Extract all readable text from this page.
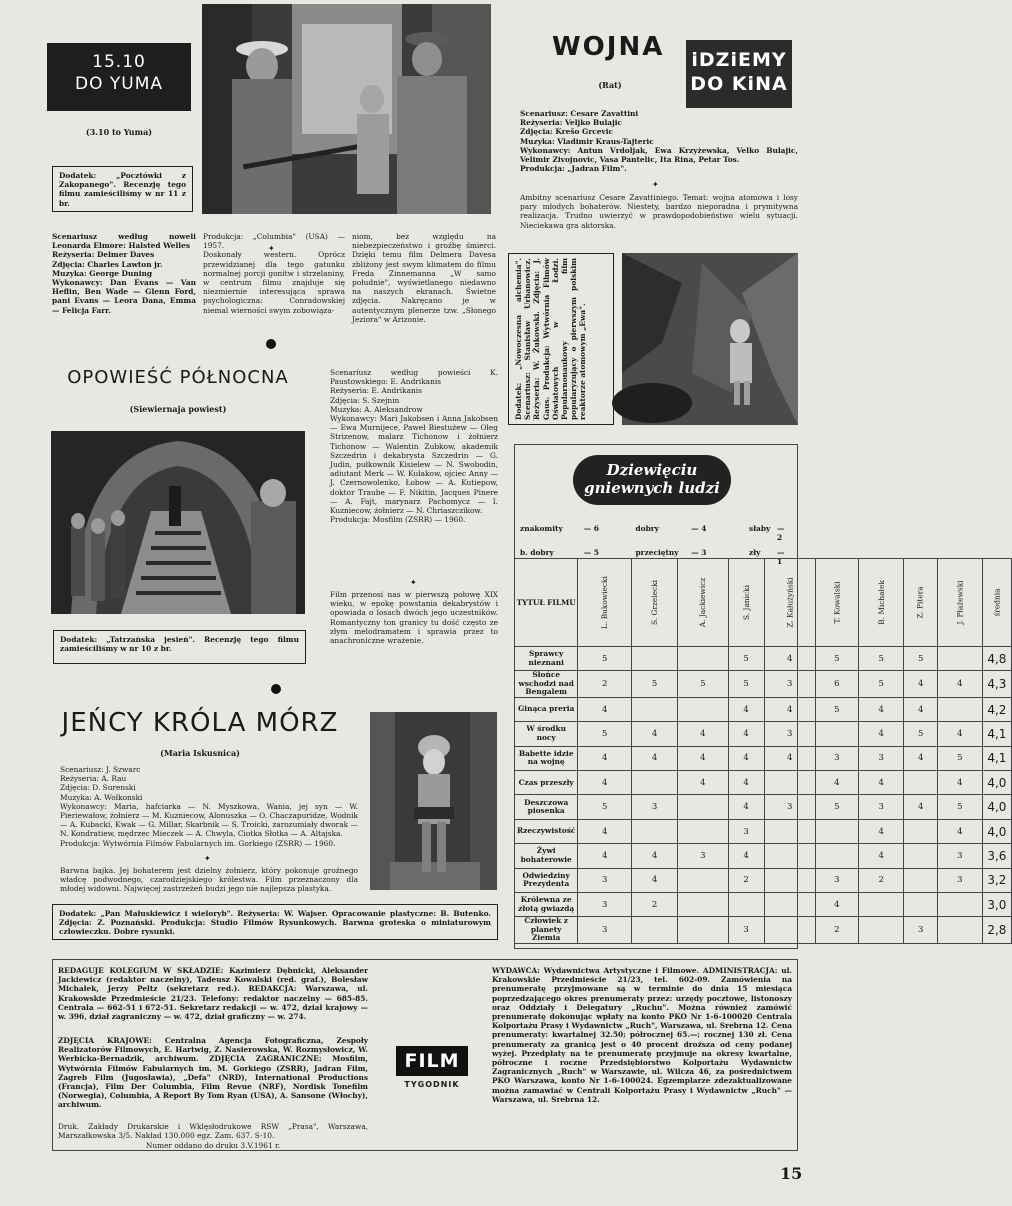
15.10
DO YUMA
(3.10 to Yuma)
Dodatek: „Pocztówki z Zakopanego". Recenzję tego filmu zamieściliśmy w nr 11 z br.
Scenariusz według noweli Leonarda Elmore: Halsted Welles
Reżyseria: Delmer Daves
Zdjęcia: Charles Lawton jr.
Muzyka: George Duning
Wykonawcy: Dan Evans — Van Heflin, Ben Wade — Glenn Ford, pani Evans — Leora Dana, Emma — Felicja Farr.
Produkcja: „Columbia" (USA) — 1957.
Doskonały western. Oprócz przewidzianej dla tego gatunku normalnej porcji gonitw i strzelaniny, w centrum filmu znajduje się niezmiernie interesująca sprawa psychologiczna: Conradowskiej niemal wierności swym zobowiąza-
✦
niom, bez względu na niebezpieczeństwo i groźbę śmierci. Dzięki temu film Delmera Davesa zbliżony jest swym klimatem do filmu Freda Zinnemanna „W samo południe", wyświetlanego niedawno na naszych ekranach. Świetne zdjęcia. Nakręcano je w autentycznym plenerze tzw. „Słonego Jeziora" w Arizonie.
WOJNA
(Rat)
iDZiEMY
DO KiNA
Scenariusz: Cesare Zavattini
Reżyseria: Veljko Bulajic
Zdjęcia: Krešo Grcevic
Muzyka: Vladimir Kraus-Tajteric
Wykonawcy: Antun Vrdoljak, Ewa Krzyżewska, Velko Bulajic, Velimir Zivojnovic, Vasa Pantelic, Ita Rina, Petar Tos.
Produkcja: „Jadran Film".
✦
Ambitny scenariusz Cesare Zavattiniego. Temat: wojna atomowa i losy pary młodych bohaterów. Niestety, bardzo nieporadna i prymitywna realizacja. Trudno uwierzyć w prawdopodobieństwo wielu sytuacji. Nieciekawa gra aktorska.
Dodatek: „Nowoczesna alchemia". Scenariusz: Stanisław Urbanowicz. Reżyseria: W. Żukowski. Zdjęcia: J. Gaus. Produkcja: Wytwórnia Filmów Oświatowych w Łodzi. Popularnonaukowy film popularyzujący o pierwszym polskim reaktorze atomowym „Ewa".
OPOWIEŚĆ PÓŁNOCNA
(Siewiernaja powiest)
Dodatek: „Tatrzańska jesień". Recenzję tego filmu zamieściliśmy w nr 10 z br.
Scenariusz według powieści K. Paustowskiego: E. Andrikanis
Reżyseria: E. Andrikanis
Zdjęcia: S. Szejnin
Muzyka: A. Aleksandrow
Wykonawcy: Mari Jakobsen i Anna Jakobsen — Ewa Murnijece, Paweł Biestużew — Oleg Strizenow, malarz Tichonow i żołnierz Tichonow — Walentin Zubkow, akademik Szczedrin i dekabrysta Szczedrin — G. Judin, pułkownik Kisielew — N. Swobodin, adiutant Merk — W. Kułakow, ojciec Anny — J. Czernowolenko, Łobow — A. Kutiepow, doktor Traube — F. Nikitin, Jacques Pinere — A. Fajt, marynarz Pachomycz — I. Kuzniecow, żołnierz — N. Chriaszczikow.
Produkcja: Mosfilm (ZSRR) — 1960.
✦
Film przenosi nas w pierwszą połowę XIX wieku, w epokę powstania dekabrystów i opowiada o losach dwóch jego uczestników. Romantyczny ton granicy tu dość często ze złym melodramatem i sprawia przez to anachroniczne wrażenie.
JEŃCY KRÓLA MÓRZ
(Maria Iskusnica)
Scenariusz: J. Szwarc
Reżyseria: A. Rau
Zdjęcia: D. Surenski
Muzyka: A. Wołkonski
Wykonawcy: Maria, hafciarka — N. Myszkowa, Wania, jej syn — W. Pieriewałow, żołnierz — M. Kuzniecow, Alonuszka — O. Chaczapuridze, Wodnik — A. Kubacki, Kwak — G. Millar, Skarbnik — S. Troicki, zarozumiały dworak — N. Kondratiew, mędrzec Mieczek — A. Chwyla, Ciotka Słotka — A. Altajska.
Produkcja: Wytwórnia Filmów Fabularnych im. Gorkiego (ZSRR) — 1960.
✦
Barwna bajka. Jej bohaterem jest dzielny żołnierz, który pokonuje groźnego władcę podwodnego, czarodziejskiego królestwa. Film przeznaczony dla młodej widowni. Najwięcej zastrzeżeń budzi jego nie najlepsza plastyka.
Dodatek: „Pan Małuskiewicz i wieloryb". Reżyseria: W. Wajser. Opracowanie plastyczne: B. Butenko. Zdjęcia: Z. Poznański. Produkcja: Studio Filmów Rysunkowych. Barwna groteska o miniaturowym człowieczku. Dobre rysunki.
Dziewięciu
gniewnych ludzi
znakomity	— 6	dobry	— 4	słaby — 2
b. dobry	— 5	przeciętny	— 3	zły	— 1
TYTUŁ FILMU	L. Bukowiecki	S. Grzelecki	A. Jackiewicz	S. Janicki	Z. Kałużyński	T. Kowalski	B. Michałek	Z. Pitera	J. Płażewski	średnia
Sprawcy nieznani	5			5	4	5	5	5		4,8
Słońce wschodzi nad Bengalem	2	5	5	5	3	6	5	4	4	4,3
Ginąca preria	4			4	4	5	4	4		4,2
W środku nocy	5	4	4	4	3		4	5	4	4,1
Babette idzie na wojnę	4	4	4	4	4	3	3	4	5	4,1
Czas przeszły	4		4	4		4	4		4	4,0
Deszczowa piosenka	5	3		4	3	5	3	4	5	4,0
Rzeczywistość	4			3			4		4	4,0
Żywi bohaterowie	4	4	3	4			4		3	3,6
Odwiedziny Prezydenta	3	4		2		3	2		3	3,2
Królewna ze złotą gwiazdą	3	2				4				3,0
Człowiek z planety Ziemia	3			3		2		3		2,8
REDAGUJE KOLEGIUM W SKŁADZIE: Kazimierz Dębnicki, Aleksander Jackiewicz (redaktor naczelny), Tadeusz Kowalski (red. graf.), Bolesław Michałek, Jerzy Peltz (sekretarz red.). REDAKCJA: Warszawa, ul. Krakowskie Przedmieście 21/23. Telefony: redaktor naczelny — 685-85. Centrala — 662-51 i 672-51. Sekretarz redakcji — w. 472, dział krajowy — w. 396, dział zagraniczny — w. 472, dział graficzny — w. 274.
ZDJĘCIA KRAJOWE: Centralna Agencja Fotograficzna, Zespoły Realizatorów Filmowych, E. Hartwig, Z. Nasierowska, W. Rozmysłowicz, W. Werbicka-Bernadzik, archiwum. ZDJĘCIA ZAGRANICZNE: Mosfilm, Wytwórnia Filmów Fabularnych im. M. Gorkiego (ZSRR), Jadran Film, Zagreb Film (Jugosławia), „Defa" (NRD), International Productions (Francja), Film Der Columbia, Film Revue (NRF), Nordisk Tonefilm (Norwegia), Columbia, A Report By Tom Ryan (USA), A. Sansone (Włochy), archiwum.
Druk. Zakłady Drukarskie i Wklęsłodrukowe RSW „Prasa", Warszawa, Marszałkowska 3/5. Nakład 130.000 egz. Zam. 637. S-10.
Numer oddano do druku 3.V.1961 r.
FILM
TYGODNIK
WYDAWCA: Wydawnictwa Artystyczne i Filmowe. ADMINISTRACJA: ul. Krakowskie Przedmieście 21/23, tel. 602-09. Zamówienia na prenumeratę przyjmowane są w terminie do dnia 15 miesiąca poprzedzającego okres prenumeraty przez: urzędy pocztowe, listonoszy oraz Oddziały i Delegatury „Ruchu". Można również zamówić prenumeratę dokonując wpłaty na konto PKO Nr 1-6-100020 Centrala Kolportażu Prasy i Wydawnictw „Ruch", Warszawa, ul. Srebrna 12. Cena prenumeraty: kwartalnej 32.50; półrocznej 65.—; rocznej 130 zł. Cena prenumeraty za granicą jest o 40 procent droższa od ceny podanej wyżej. Przedpłaty na te prenumeratę przyjmuje na okresy kwartalne, półroczne i roczne Przedsiębiorstwo Kolportażu Wydawnictw Zagranicznych „Ruch" w Warszawie, ul. Wilcza 46, za pośrednictwem PKO Warszawa, konto Nr 1-6-100024. Egzemplarze zdezaktualizowane można zamawiać w Centrali Kolportażu Prasy i Wydawnictw „Ruch" — Warszawa, ul. Srebrna 12.
15
